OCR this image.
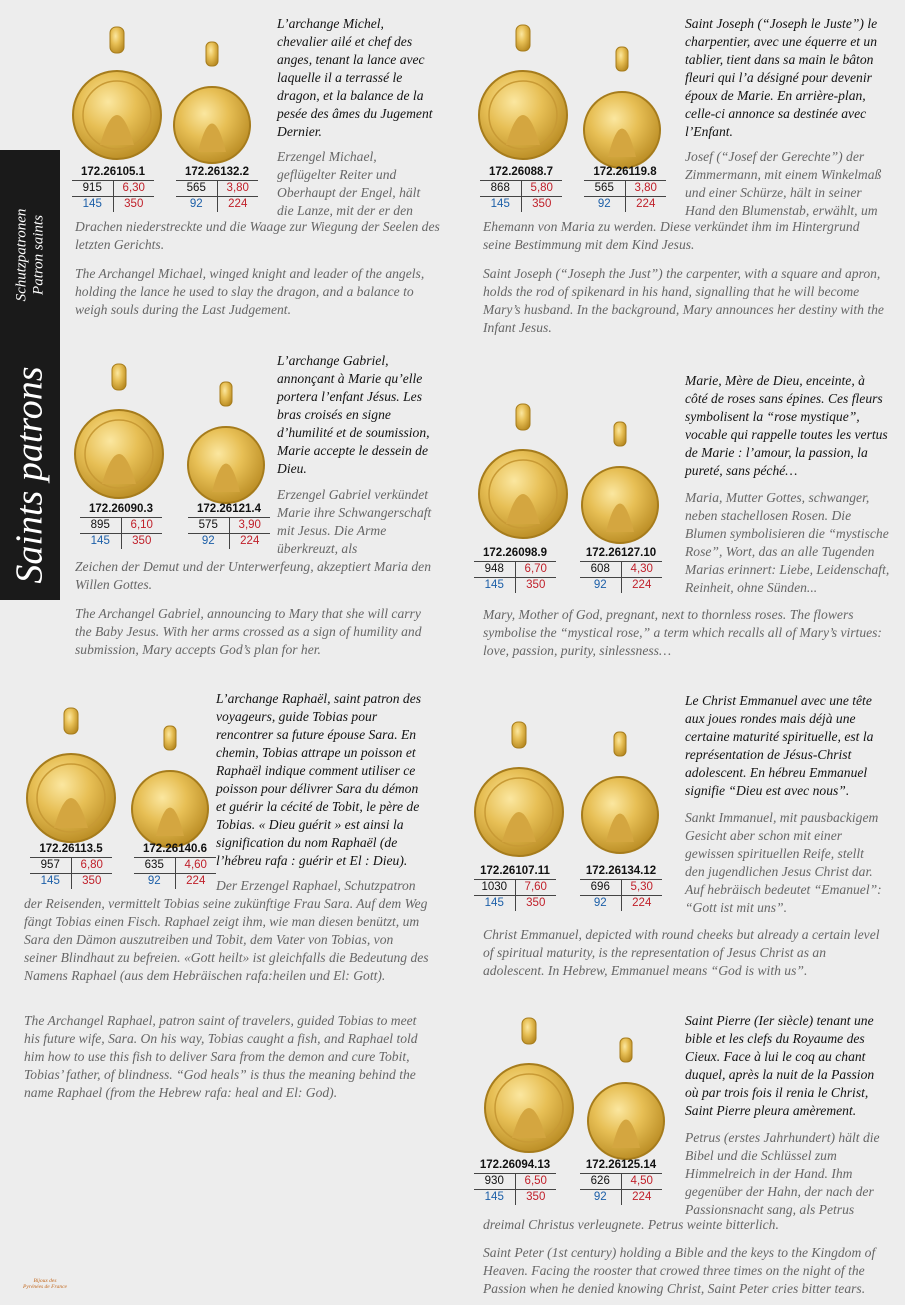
Schutzpatronen Patron saints
Saints patrons
172.26105.1
915	6,30
145	350
172.26132.2
565	3,80
92	224
L’archange Michel, chevalier ailé et chef des anges, tenant la lance avec laquelle il a terrassé le dragon, et la balance de la pesée des âmes du Jugement Dernier.
Erzengel Michael, geflügelter Reiter und Oberhaupt der Engel, hält die Lanze, mit der er den
Drachen niederstreckte und die Waage zur Wiegung der Seelen des letzten Gerichts.
The Archangel Michael, winged knight and leader of the angels, holding the lance he used to slay the dragon, and a balance to weigh souls during the Last Judgement.
172.26088.7
868	5,80
145	350
172.26119.8
565	3,80
92	224
Saint Joseph (“Joseph le Juste”) le charpentier, avec une équerre et un tablier, tient dans sa main le bâton fleuri qui l’a désigné pour devenir époux de Marie. En arrière-plan, celle-ci annonce sa destinée avec l’Enfant.
Josef (“Josef der Gerechte”) der Zimmermann, mit einem Winkelmaß und einer Schürze, hält in seiner Hand den Blumenstab, erwählt, um
Ehemann von Maria zu werden. Diese verkündet ihm im Hintergrund seine Bestimmung mit dem Kind Jesus.
Saint Joseph (“Joseph the Just”) the carpenter, with a square and apron, holds the rod of spikenard in his hand, signalling that he will become Mary’s husband. In the background, Mary announces her destiny with the Infant Jesus.
172.26090.3
895	6,10
145	350
172.26121.4
575	3,90
92	224
L’archange Gabriel, annonçant à Marie qu’elle portera l’enfant Jésus. Les bras croisés en signe d’humilité et de soumission, Marie accepte le dessein de Dieu.
Erzengel Gabriel verkündet Marie ihre Schwangerschaft mit Jesus. Die Arme überkreuzt, als
Zeichen der Demut und der Unterwerfeung, akzeptiert Maria den Willen Gottes.
The Archangel Gabriel, announcing to Mary that she will carry the Baby Jesus. With her arms crossed as a sign of humility and submission, Mary accepts God’s plan for her.
172.26098.9
948	6,70
145	350
172.26127.10
608	4,30
92	224
Marie, Mère de Dieu, enceinte, à côté de roses sans épines. Ces fleurs symbolisent la “rose mystique”, vocable qui rappelle toutes les vertus de Marie : l’amour, la passion, la pureté, sans péché…
Maria, Mutter Gottes, schwanger, neben stachellosen Rosen. Die Blumen symbolisieren die “mystische Rose”, Wort, das an alle Tugenden Marias erinnert: Liebe, Leidenschaft, Reinheit, ohne Sünden...
Mary, Mother of God, pregnant, next to thornless roses. The flowers symbolise the “mystical rose,” a term which recalls all of Mary’s virtues: love, passion, purity, sinlessness…
172.26113.5
957	6,80
145	350
172.26140.6
635	4,60
92	224
L’archange Raphaël, saint patron des voyageurs, guide Tobias pour rencontrer sa future épouse Sara. En chemin, Tobias attrape un poisson et Raphaël indique comment utiliser ce poisson pour délivrer Sara du démon et guérir la cécité de Tobit, le père de Tobias. « Dieu guérit » est ainsi la signification du nom Raphaël (de l’hébreu rafa : guérir et El : Dieu).
Der Erzengel Raphael, Schutzpatron
der Reisenden, vermittelt Tobias seine zukünftige Frau Sara. Auf dem Weg fängt Tobias einen Fisch. Raphael zeigt ihm, wie man diesen benützt, um Sara den Dämon auszutreiben und Tobit, dem Vater von Tobias, von seiner Blindhaut zu befreien. «Gott heilt» ist gleichfalls die Bedeutung des Namens Raphael (aus dem Hebräischen rafa:heilen und El: Gott).
The Archangel Raphael, patron saint of travelers, guided Tobias to meet his future wife, Sara. On his way, Tobias caught a fish, and Raphael told him how to use this fish to deliver Sara from the demon and cure Tobit, Tobias’ father, of blindness. “God heals” is thus the meaning behind the name Raphael (from the Hebrew rafa: heal and El: God).
172.26107.11
1030	7,60
145	350
172.26134.12
696	5,30
92	224
Le Christ Emmanuel avec une tête aux joues rondes mais déjà une certaine maturité spirituelle, est la représentation de Jésus-Christ adolescent. En hébreu Emmanuel signifie “Dieu est avec nous”.
Sankt Immanuel, mit pausbackigem Gesicht aber schon mit einer gewissen spirituellen Reife, stellt den jugendlichen Jesus Christ dar. Auf hebräisch bedeutet “Emanuel”: “Gott ist mit uns”.
Christ Emmanuel, depicted with round cheeks but already a certain level of spiritual maturity, is the representation of Jesus Christ as an adolescent. In Hebrew, Emmanuel means “God is with us”.
172.26094.13
930	6,50
145	350
172.26125.14
626	4,50
92	224
Saint Pierre (Ier siècle) tenant une bible et les clefs du Royaume des Cieux. Face à lui le coq au chant duquel, après la nuit de la Passion où par trois fois il renia le Christ, Saint Pierre pleura amèrement.
Petrus (erstes Jahrhundert) hält die Bibel und die Schlüssel zum Himmelreich in der Hand. Ihm gegenüber der Hahn, der nach der Passionsnacht sang, als Petrus
dreimal Christus verleugnete. Petrus weinte bitterlich.
Saint Peter (1st century) holding a Bible and the keys to the Kingdom of Heaven. Facing the rooster that crowed three times on the night of the Passion when he denied knowing Christ, Saint Peter cries bitter tears.
Bijoux des
Pyrénées de France
